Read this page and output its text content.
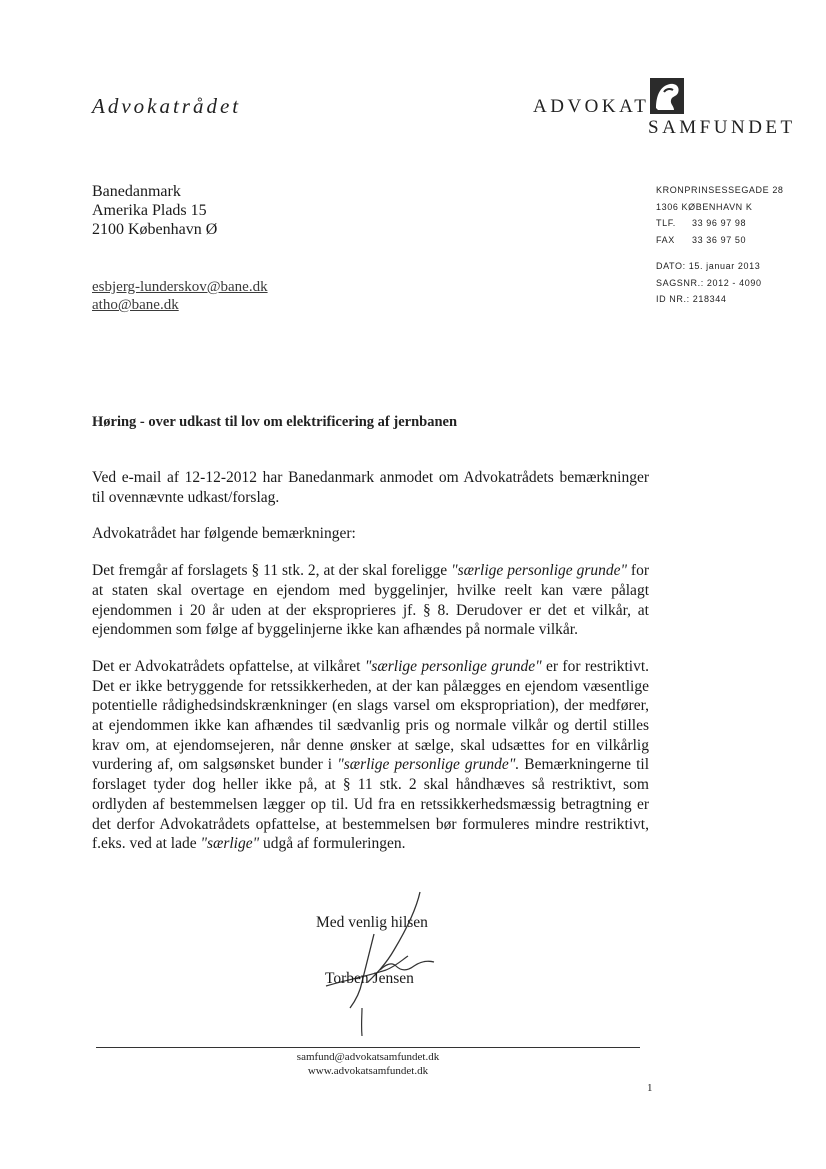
Advokatrådet	ADVOKAT
SAMFUNDET
Banedanmark
Amerika Plads 15
2100 København Ø
esbjerg-lunderskov@bane.dk
atho@bane.dk
KRONPRINSESSEGADE 28
1306 KØBENHAVN K
TLF. 33 96 97 98
FAX 33 36 97 50
DATO: 15. januar 2013
SAGSNR.: 2012 - 4090
ID NR.: 218344
Høring - over udkast til lov om elektrificering af jernbanen

Ved e-mail af 12-12-2012 har Banedanmark anmodet om Advokatrådets bemærkninger til ovennævnte udkast/forslag.

Advokatrådet har følgende bemærkninger:

Det fremgår af forslagets § 11 stk. 2, at der skal foreligge "særlige personlige grunde" for at staten skal overtage en ejendom med byggelinjer, hvilke reelt kan være pålagt ejendommen i 20 år uden at der eksproprieres jf. § 8. Derudover er det et vilkår, at ejendommen som følge af byggelinjerne ikke kan afhændes på normale vilkår.

Det er Advokatrådets opfattelse, at vilkåret "særlige personlige grunde" er for restriktivt. Det er ikke betryggende for retssikkerheden, at der kan pålægges en ejendom væsentlige potentielle rådighedsindskrænkninger (en slags varsel om ekspropriation), der medfører, at ejendommen ikke kan afhændes til sædvanlig pris og normale vilkår og dertil stilles krav om, at ejendomsejeren, når denne ønsker at sælge, skal udsættes for en vilkårlig vurdering af, om salgsønsket bunder i "særlige personlige grunde". Bemærkningerne til forslaget tyder dog heller ikke på, at § 11 stk. 2 skal håndhæves så restriktivt, som ordlyden af bestemmelsen lægger op til. Ud fra en retssikkerhedsmæssig betragtning er det derfor Advokatrådets opfattelse, at bestemmelsen bør formuleres mindre restriktivt, f.eks. ved at lade "særlige" udgå af formuleringen.

Med venlig hilsen
Torben Jensen
samfund@advokatsamfundet.dk
www.advokatsamfundet.dk
1
